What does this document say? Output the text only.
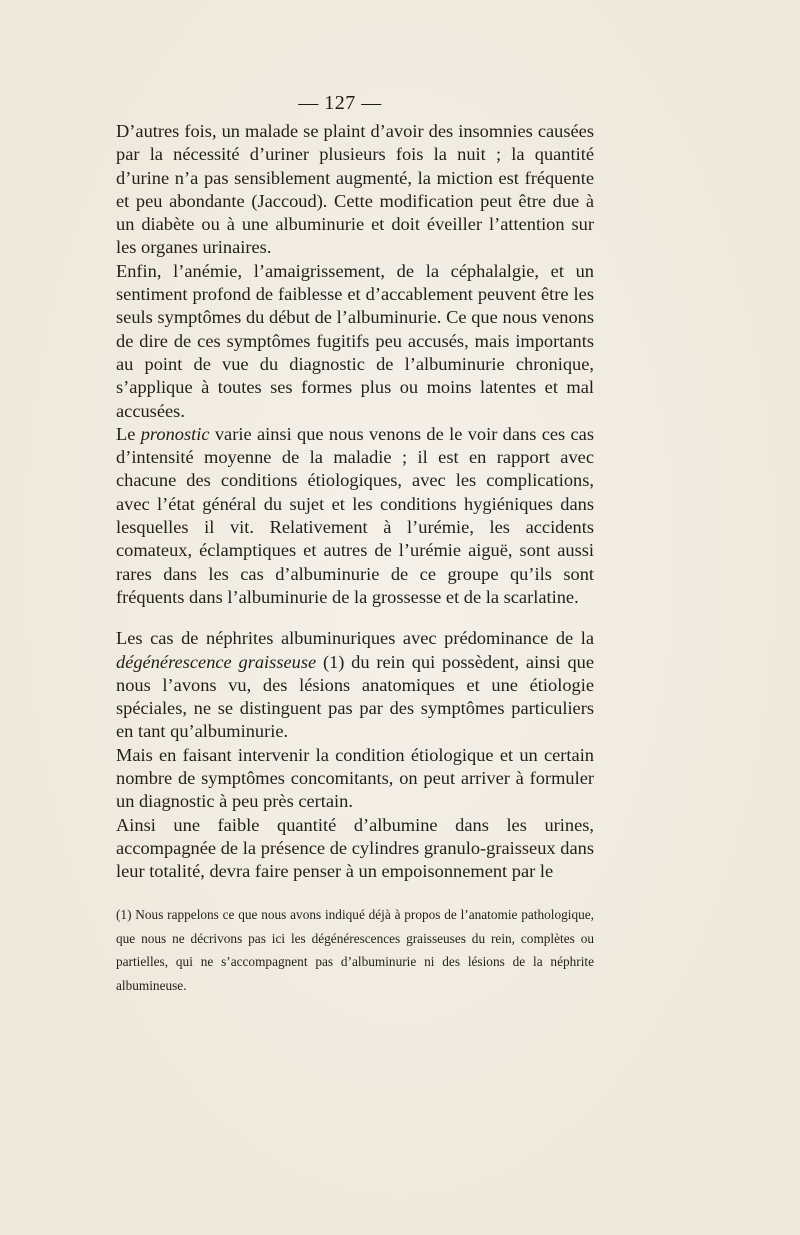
— 127 —

D’autres fois, un malade se plaint d’avoir des insomnies causées par la nécessité d’uriner plusieurs fois la nuit ; la quantité d’urine n’a pas sensiblement augmenté, la miction est fréquente et peu abondante (Jaccoud). Cette modification peut être due à un diabète ou à une albuminurie et doit éveiller l’attention sur les organes urinaires.

Enfin, l’anémie, l’amaigrissement, de la céphalalgie, et un sentiment profond de faiblesse et d’accablement peuvent être les seuls symptômes du début de l’albuminurie. Ce que nous venons de dire de ces symptômes fugitifs peu accusés, mais importants au point de vue du diagnostic de l’albuminurie chronique, s’applique à toutes ses formes plus ou moins latentes et mal accusées.

Le pronostic varie ainsi que nous venons de le voir dans ces cas d’intensité moyenne de la maladie ; il est en rapport avec chacune des conditions étiologiques, avec les complications, avec l’état général du sujet et les conditions hygiéniques dans lesquelles il vit. Relativement à l’urémie, les accidents comateux, éclamptiques et autres de l’urémie aiguë, sont aussi rares dans les cas d’albuminurie de ce groupe qu’ils sont fréquents dans l’albuminurie de la grossesse et de la scarlatine.

Les cas de néphrites albuminuriques avec prédominance de la dégénérescence graisseuse (1) du rein qui possèdent, ainsi que nous l’avons vu, des lésions anatomiques et une étiologie spéciales, ne se distinguent pas par des symptômes particuliers en tant qu’albuminurie.

Mais en faisant intervenir la condition étiologique et un certain nombre de symptômes concomitants, on peut arriver à formuler un diagnostic à peu près certain.

Ainsi une faible quantité d’albumine dans les urines, accompagnée de la présence de cylindres granulo-graisseux dans leur totalité, devra faire penser à un empoisonnement par le

(1) Nous rappelons ce que nous avons indiqué déjà à propos de l’anatomie pathologique, que nous ne décrivons pas ici les dégénérescences graisseuses du rein, complètes ou partielles, qui ne s’accompagnent pas d’albuminurie ni des lésions de la néphrite albumineuse.
